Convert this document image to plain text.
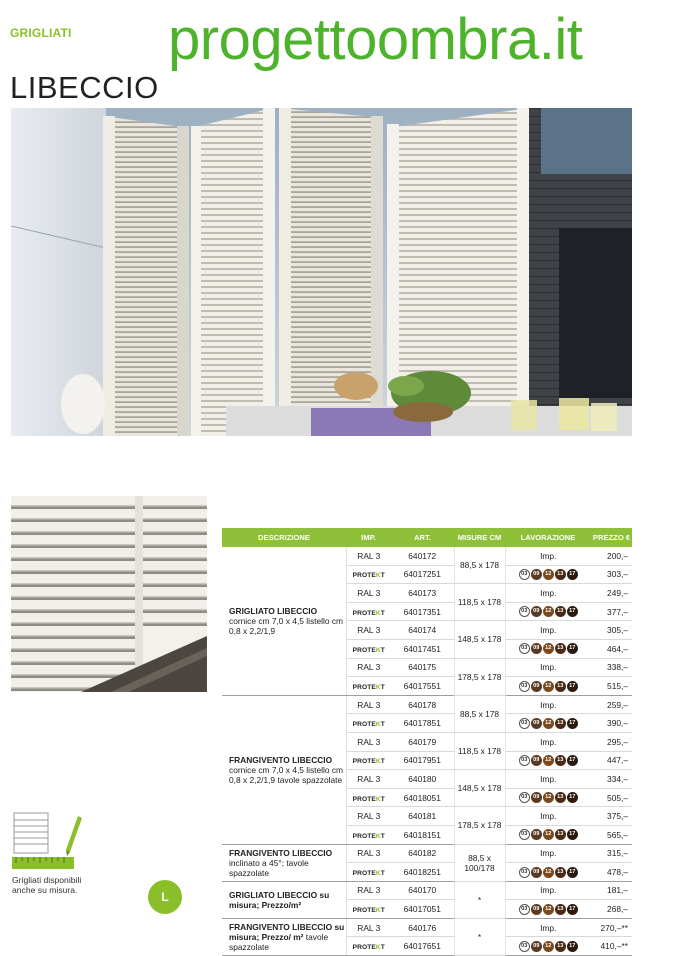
GRIGLIATI progettoombra.it
LIBECCIO
DESCRIZIONE	IMP.	ART.	MISURE CM	LAVORAZIONE	PREZZO €
GRIGLIATO LIBECCIO cornice cm 7,0 x 4,5 listello cm 0,8 x 2,2/1,9	RAL 3	640172	88,5 x 178	Imp.	200,–
	PROTEKT	64017251		03 09 12 13 17	303,–
	RAL 3	640173	118,5 x 178	Imp.	249,–
	PROTEKT	64017351		03 09 12 13 17	377,–
	RAL 3	640174	148,5 x 178	Imp.	305,–
	PROTEKT	64017451		03 09 12 13 17	464,–
	RAL 3	640175	178,5 x 178	Imp.	338,–
	PROTEKT	64017551		03 09 12 13 17	515,–
FRANGIVENTO LIBECCIO cornice cm 7,0 x 4,5 listello cm 0,8 x 2,2/1,9 tavole spazzolate	RAL 3	640178	88,5 x 178	Imp.	259,–
	PROTEKT	64017851		03 09 12 13 17	390,–
	RAL 3	640179	118,5 x 178	Imp.	295,–
	PROTEKT	64017951		03 09 12 13 17	447,–
	RAL 3	640180	148,5 x 178	Imp.	334,–
	PROTEKT	64018051		03 09 12 13 17	505,–
	RAL 3	640181	178,5 x 178	Imp.	375,–
	PROTEKT	64018151		03 09 12 13 17	565,–
FRANGIVENTO LIBECCIO inclinato a 45°; tavole spazzolate	RAL 3	640182	88,5 x 100/178	Imp.	315,–
	PROTEKT	64018251		03 09 12 13 17	478,–
GRIGLIATO LIBECCIO su misura; Prezzo/m²	RAL 3	640170	*	Imp.	181,–
	PROTEKT	64017051		03 09 12 13 17	268,–
FRANGIVENTO LIBECCIO su misura; Prezzo/ m² tavole spazzolate	RAL 3	640176	*	Imp.	270,–**
	PROTEKT	64017651		03 09 12 13 17	410,–**
Grigliati disponibili
anche su misura.	L
